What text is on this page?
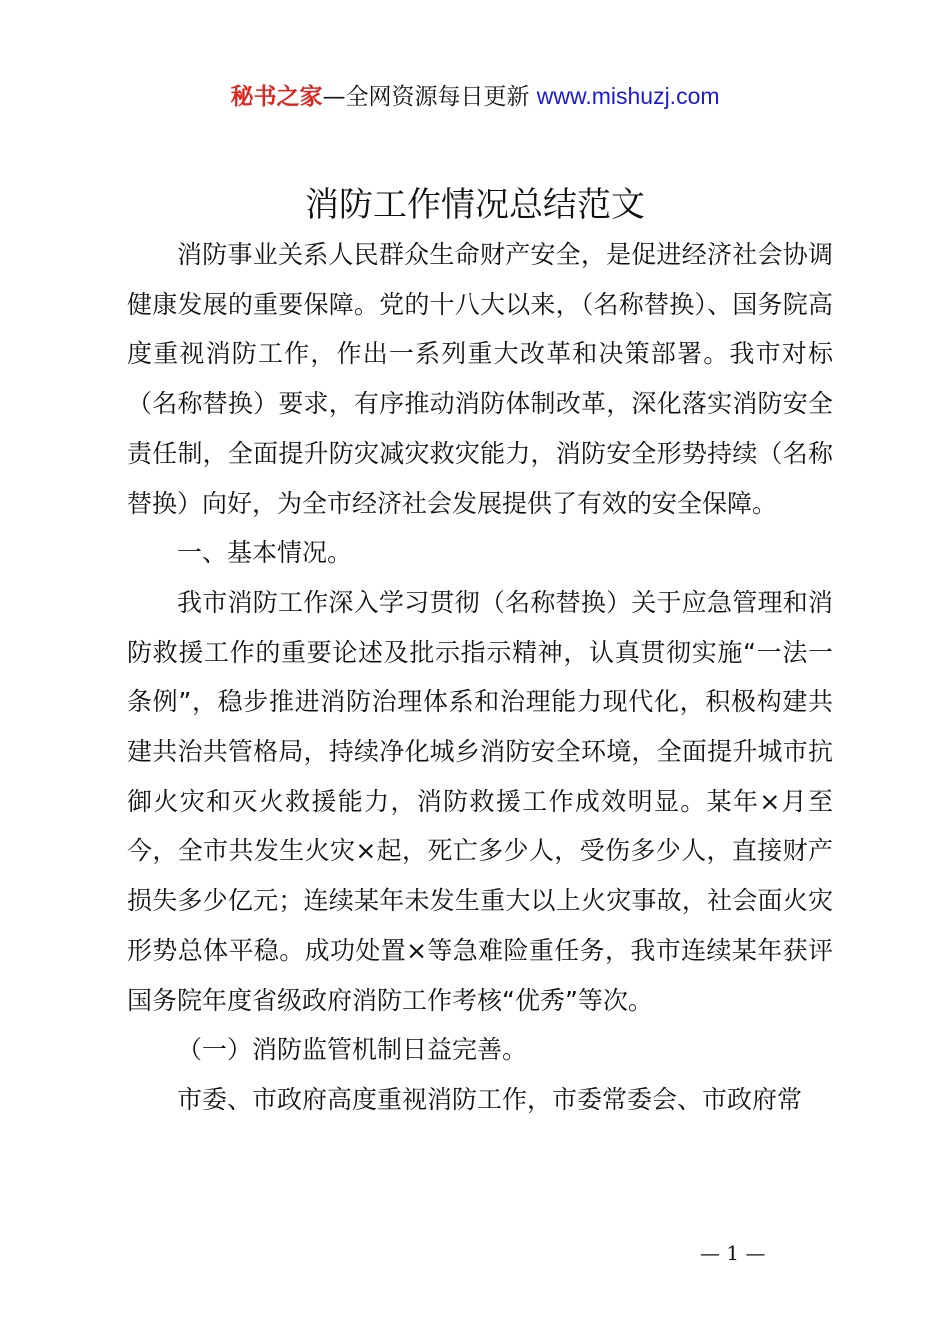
秘书之家—全网资源每日更新 www.mishuzj.com
消防工作情况总结范文

消防事业关系人民群众生命财产安全，是促进经济社会协调健康发展的重要保障。党的十八大以来，（名称替换）、国务院高度重视消防工作，作出一系列重大改革和决策部署。我市对标（名称替换）要求，有序推动消防体制改革，深化落实消防安全责任制，全面提升防灾减灾救灾能力，消防安全形势持续（名称替换）向好，为全市经济社会发展提供了有效的安全保障。

一、基本情况。

我市消防工作深入学习贯彻（名称替换）关于应急管理和消防救援工作的重要论述及批示指示精神，认真贯彻实施“一法一条例”，稳步推进消防治理体系和治理能力现代化，积极构建共建共治共管格局，持续净化城乡消防安全环境，全面提升城市抗御火灾和灭火救援能力，消防救援工作成效明显。某年×月至今，全市共发生火灾×起，死亡多少人，受伤多少人，直接财产损失多少亿元；连续某年未发生重大以上火灾事故，社会面火灾形势总体平稳。成功处置×等急难险重任务，我市连续某年获评国务院年度省级政府消防工作考核“优秀”等次。

（一）消防监管机制日益完善。

市委、市政府高度重视消防工作，市委常委会、市政府常

— 1 —
